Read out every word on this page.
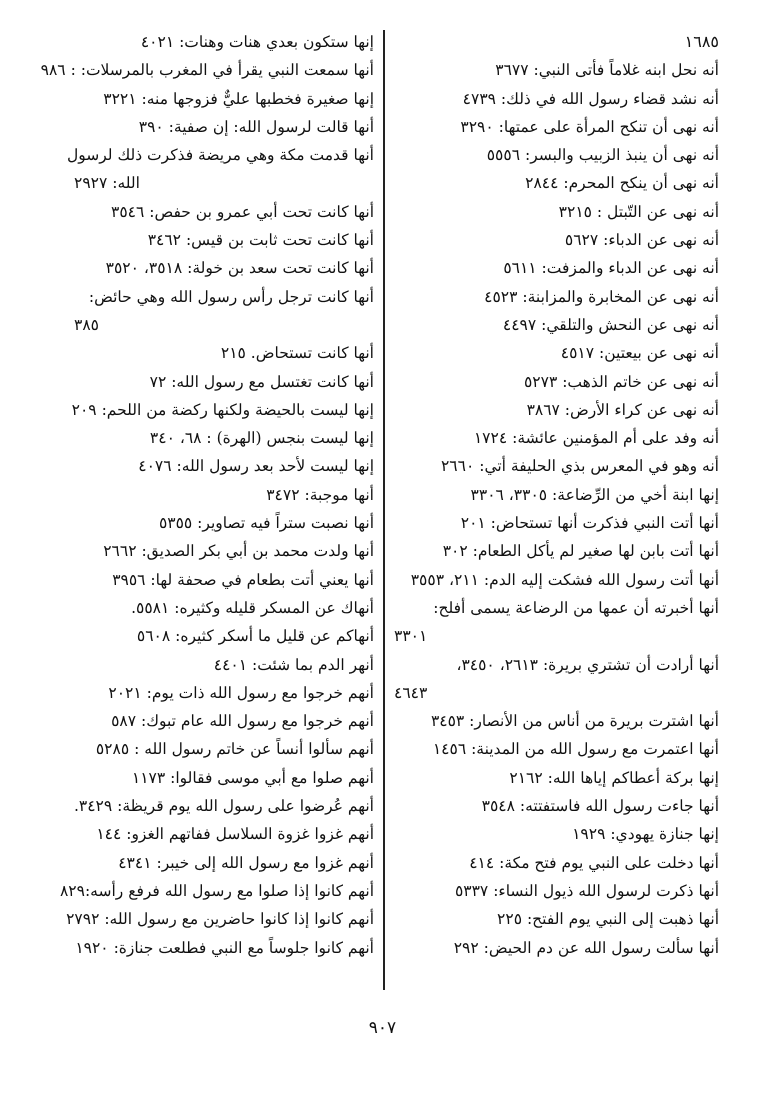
١٦٨٥
أنه نحل ابنه غلاماً فأتى النبي: ٣٦٧٧
أنه نشد قضاء رسول الله في ذلك: ٤٧٣٩
أنه نهى أن تنكح المرأة على عمتها: ٣٢٩٠
أنه نهى أن ينبذ الزبيب والبسر: ٥٥٥٦
أنه نهى أن ينكح المحرم: ٢٨٤٤
أنه نهى عن التّبتل : ٣٢١٥
أنه نهى عن الدباء: ٥٦٢٧
أنه نهى عن الدباء والمزفت: ٥٦١١
أنه نهى عن المخابرة والمزابنة: ٤٥٢٣
أنه نهى عن النحش والتلقي: ٤٤٩٧
أنه نهى عن بيعتين: ٤٥١٧
أنه نهى عن خاتم الذهب: ٥٢٧٣
أنه نهى عن كراء الأرض: ٣٨٦٧
أنه وفد على أم المؤمنين عائشة: ١٧٢٤
أنه وهو في المعرس بذي الحليفة أتي: ٢٦٦٠
إنها ابنة أخي من الرِّضاعة: ٣٣٠٥، ٣٣٠٦
أنها أتت النبي فذكرت أنها تستحاض: ٢٠١
أنها أتت بابن لها صغير لم يأكل الطعام: ٣٠٢
أنها أتت رسول الله فشكت إليه الدم: ٢١١، ٣٥٥٣
أنها أخبرته أن عمها من الرضاعة يسمى أفلح:
٣٣٠١
أنها أرادت أن تشتري بريرة: ٢٦١٣، ٣٤٥٠،
٤٦٤٣
أنها اشترت بريرة من أناس من الأنصار: ٣٤٥٣
أنها اعتمرت مع رسول الله من المدينة: ١٤٥٦
إنها بركة أعطاكم إياها الله: ٢١٦٢
أنها جاءت رسول الله فاستفتته: ٣٥٤٨
إنها جنازة يهودي: ١٩٢٩
أنها دخلت على النبي يوم فتح مكة: ٤١٤
أنها ذكرت لرسول الله ذيول النساء: ٥٣٣٧
أنها ذهبت إلى النبي يوم الفتح: ٢٢٥
أنها سألت رسول الله عن دم الحيض: ٢٩٢
إنها ستكون بعدي هنات وهنات: ٤٠٢١
أنها سمعت النبي يقرأ في المغرب بالمرسلات: : ٩٨٦
إنها صغيرة فخطبها عليٌّ فزوجها منه: ٣٢٢١
أنها قالت لرسول الله: إن صفية: ٣٩٠
أنها قدمت مكة وهي مريضة فذكرت ذلك لرسول
الله: ٢٩٢٧
أنها كانت تحت أبي عمرو بن حفص: ٣٥٤٦
أنها كانت تحت ثابت بن قيس: ٣٤٦٢
أنها كانت تحت سعد بن خولة: ٣٥١٨، ٣٥٢٠
أنها كانت ترجل رأس رسول الله وهي حائض:
٣٨٥
أنها كانت تستحاض. ٢١٥
أنها كانت تغتسل مع رسول الله: ٧٢
إنها ليست بالحيضة ولكنها ركضة من اللحم: ٢٠٩
إنها ليست بنجس (الهرة) : ٦٨، ٣٤٠
إنها ليست لأحد بعد رسول الله: ٤٠٧٦
أنها موجبة: ٣٤٧٢
أنها نصبت ستراً فيه تصاوير: ٥٣٥٥
أنها ولدت محمد بن أبي بكر الصديق: ٢٦٦٢
أنها يعني أتت بطعام في صحفة لها: ٣٩٥٦
أنهاك عن المسكر قليله وكثيره: ٥٥٨١.
أنهاكم عن قليل ما أسكر كثيره: ٥٦٠٨
أنهر الدم بما شئت: ٤٤٠١
أنهم خرجوا مع رسول الله ذات يوم: ٢٠٢١
أنهم خرجوا مع رسول الله عام تبوك: ٥٨٧
أنهم سألوا أنساً عن خاتم رسول الله : ٥٢٨٥
أنهم صلوا مع أبي موسى فقالوا: ١١٧٣
أنهم عُرضوا على رسول الله يوم قريظة: ٣٤٢٩.
أنهم غزوا غزوة السلاسل ففاتهم الغزو: ١٤٤
أنهم غزوا مع رسول الله إلى خيبر: ٤٣٤١
أنهم كانوا إذا صلوا مع رسول الله فرفع رأسه:٨٢٩
أنهم كانوا إذا كانوا حاضرين مع رسول الله: ٢٧٩٢
أنهم كانوا جلوساً مع النبي فطلعت جنازة: ١٩٢٠
٩٠٧
